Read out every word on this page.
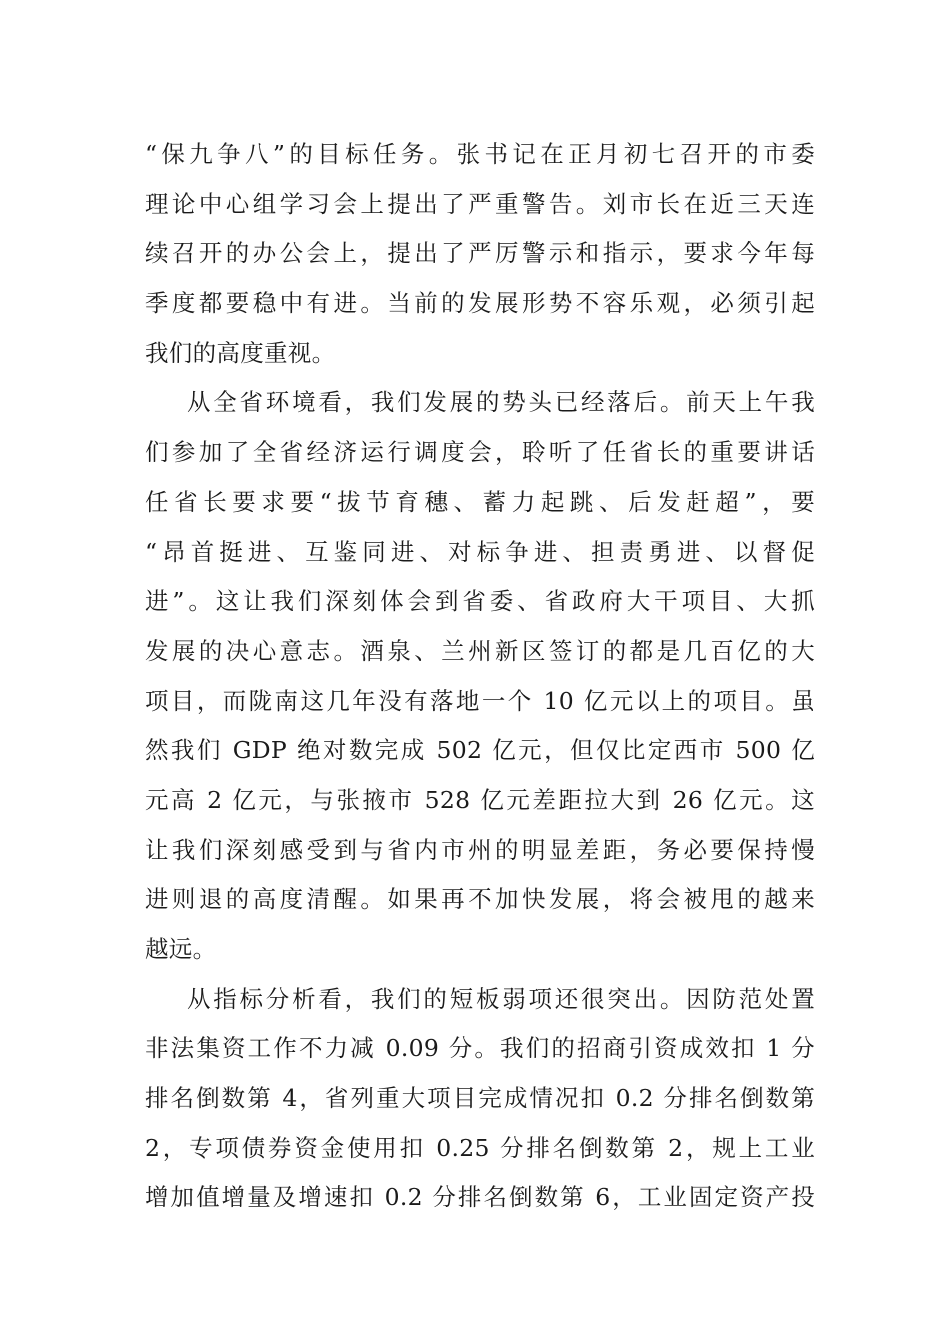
“保九争八”的目标任务。张书记在正月初七召开的市委
理论中心组学习会上提出了严重警告。刘市长在近三天连
续召开的办公会上，提出了严厉警示和指示，要求今年每
季度都要稳中有进。当前的发展形势不容乐观，必须引起
我们的高度重视。
从全省环境看，我们发展的势头已经落后。前天上午我
们参加了全省经济运行调度会，聆听了任省长的重要讲话
任省长要求要“拔节育穗、蓄力起跳、后发赶超”，要
“昂首挺进、互鉴同进、对标争进、担责勇进、以督促
进”。这让我们深刻体会到省委、省政府大干项目、大抓
发展的决心意志。酒泉、兰州新区签订的都是几百亿的大
项目，而陇南这几年没有落地一个 10 亿元以上的项目。虽
然我们 GDP 绝对数完成 502 亿元，但仅比定西市 500 亿
元高 2 亿元，与张掖市 528 亿元差距拉大到 26 亿元。这
让我们深刻感受到与省内市州的明显差距，务必要保持慢
进则退的高度清醒。如果再不加快发展，将会被甩的越来
越远。
从指标分析看，我们的短板弱项还很突出。因防范处置
非法集资工作不力减 0.09 分。我们的招商引资成效扣 1 分
排名倒数第 4，省列重大项目完成情况扣 0.2 分排名倒数第
2，专项债券资金使用扣 0.25 分排名倒数第 2，规上工业
增加值增量及增速扣 0.2 分排名倒数第 6，工业固定资产投
